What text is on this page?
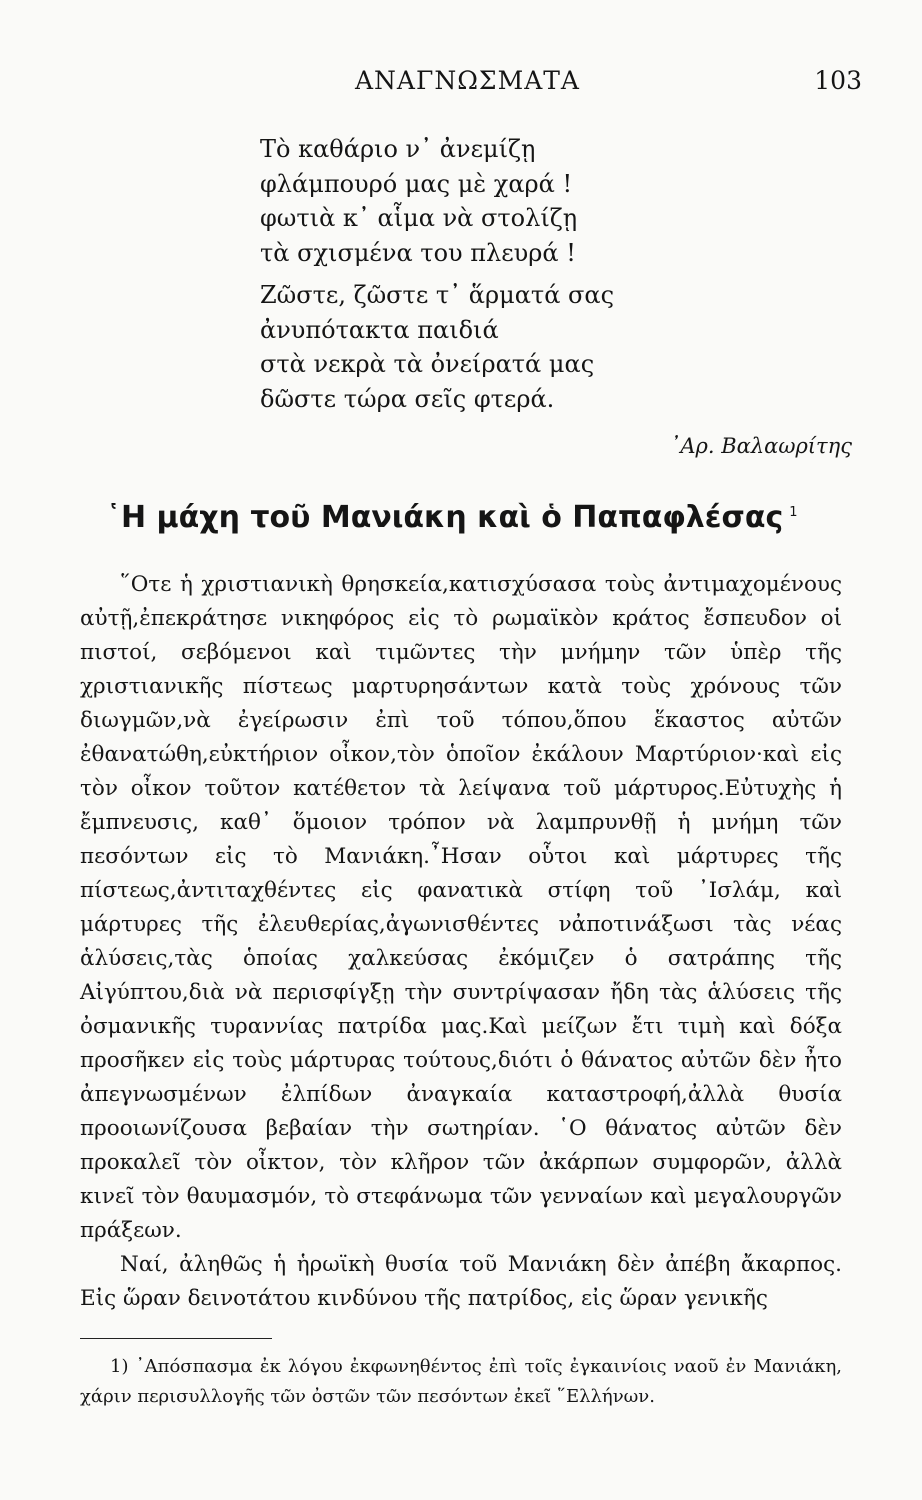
ΑΝΑΓΝΩΣΜΑΤΑ	103
Τὸ καθάριο ν᾿ ἀνεμίζῃ
φλάμπουρό μας μὲ χαρά !
φωτιὰ κ᾿ αἷμα νὰ στολίζῃ
τὰ σχισμένα του πλευρά !
Ζῶστε, ζῶστε τ᾿ ἅρματά σας
ἀνυπότακτα παιδιά
στὰ νεκρὰ τὰ ὀνείρατά μας
δῶστε τώρα σεῖς φτερά.
᾿Αρ. Βαλαωρίτης
῾Η μάχη τοῦ Μανιάκη καὶ ὁ Παπαφλέσας $^1$

῞Οτε ἡ χριστιανικὴ θρησκεία,κατισχύσασα τοὺς ἀντιμαχομένους αὐτῇ,ἐπεκράτησε νικηφόρος εἰς τὸ ρωμαϊκὸν κράτος ἔσπευδον οἱ πιστοί, σεβόμενοι καὶ τιμῶντες τὴν μνήμην τῶν ὑπὲρ τῆς χριστιανικῆς πίστεως μαρτυρησάντων κατὰ τοὺς χρόνους τῶν διωγμῶν,νὰ ἐγείρωσιν ἐπὶ τοῦ τόπου,ὅπου ἕκαστος αὐτῶν ἐθανατώθη,εὐκτήριον οἶκον,τὸν ὁποῖον ἐκάλουν Μαρτύριον·καὶ εἰς τὸν οἶκον τοῦτον κατέθετον τὰ λείψανα τοῦ μάρτυρος.Εὐτυχὴς ἡ ἔμπνευσις, καθ᾿ ὅμοιον τρόπον νὰ λαμπρυνθῇ ἡ μνήμη τῶν πεσόντων εἰς τὸ Μανιάκη.῏Ησαν οὗτοι καὶ μάρτυρες τῆς πίστεως,ἀντιταχθέντες εἰς φανατικὰ στίφη τοῦ ᾿Ισλάμ, καὶ μάρτυρες τῆς ἐλευθερίας,ἀγωνισθέντες νἀποτινάξωσι τὰς νέας ἁλύσεις,τὰς ὁποίας χαλκεύσας ἐκόμιζεν ὁ σατράπης τῆς Αἰγύπτου,διὰ νὰ περισφίγξῃ τὴν συντρίψασαν ἤδη τὰς ἁλύσεις τῆς ὀσμανικῆς τυραννίας πατρίδα μας.Καὶ μείζων ἔτι τιμὴ καὶ δόξα προσῆκεν εἰς τοὺς μάρτυρας τούτους,διότι ὁ θάνατος αὐτῶν δὲν ἦτο ἀπεγνωσμένων ἐλπίδων ἀναγκαία καταστροφή,ἀλλὰ θυσία προοιωνίζουσα βεβαίαν τὴν σωτηρίαν. ῾Ο θάνατος αὐτῶν δὲν προκαλεῖ τὸν οἶκτον, τὸν κλῆρον τῶν ἀκάρπων συμφορῶν, ἀλλὰ κινεῖ τὸν θαυμασμόν, τὸ στεφάνωμα τῶν γενναίων καὶ μεγαλουργῶν πράξεων.

Ναί, ἀληθῶς ἡ ἡρωϊκὴ θυσία τοῦ Μανιάκη δὲν ἀπέβη ἄκαρπος. Εἰς ὥραν δεινοτάτου κινδύνου τῆς πατρίδος, εἰς ὥραν γενικῆς

1) ᾿Απόσπασμα ἐκ λόγου ἐκφωνηθέντος ἐπὶ τοῖς ἐγκαινίοις ναοῦ ἐν Μανιάκη, χάριν περισυλλογῆς τῶν ὀστῶν τῶν πεσόντων ἐκεῖ ῞Ελλήνων.
